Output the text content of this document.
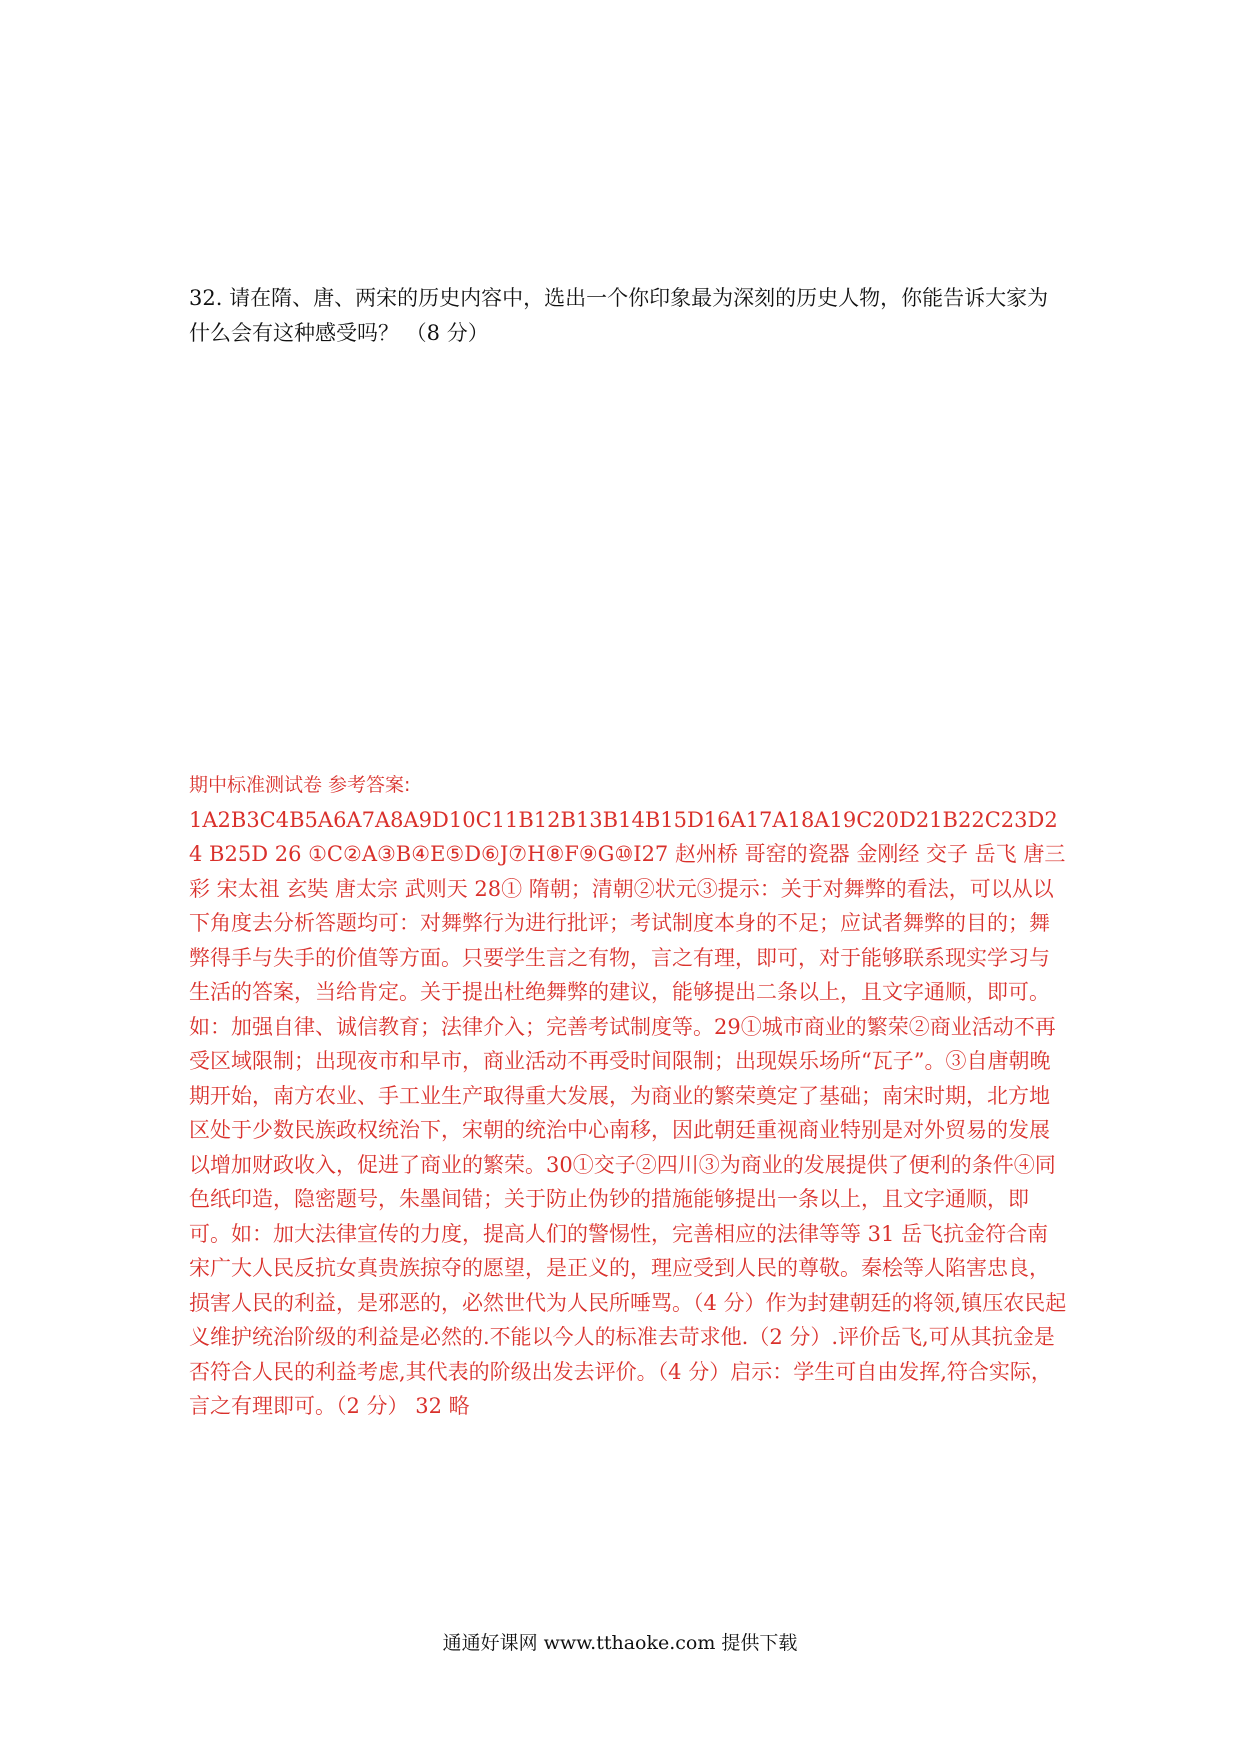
32. 请在隋、唐、两宋的历史内容中，选出一个你印象最为深刻的历史人物，你能告诉大家为什么会有这种感受吗？ （8 分）

期中标准测试卷 参考答案:
1A2B3C4B5A6A7A8A9D10C11B12B13B14B15D16A17A18A19C20D21B22C23D24 B25D 26 ①C②A③B④E⑤D⑥J⑦H⑧F⑨G⑩I27 赵州桥 哥窑的瓷器 金刚经 交子 岳飞 唐三彩 宋太祖 玄奘 唐太宗 武则天 28① 隋朝；清朝②状元③提示：关于对舞弊的看法，可以从以下角度去分析答题均可：对舞弊行为进行批评；考试制度本身的不足；应试者舞弊的目的；舞弊得手与失手的价值等方面。只要学生言之有物，言之有理，即可，对于能够联系现实学习与生活的答案，当给肯定。关于提出杜绝舞弊的建议，能够提出二条以上，且文字通顺，即可。如：加强自律、诚信教育；法律介入；完善考试制度等。29①城市商业的繁荣②商业活动不再受区域限制；出现夜市和早市，商业活动不再受时间限制；出现娱乐场所“瓦子”。③自唐朝晚期开始，南方农业、手工业生产取得重大发展，为商业的繁荣奠定了基础；南宋时期，北方地区处于少数民族政权统治下，宋朝的统治中心南移，因此朝廷重视商业特别是对外贸易的发展以增加财政收入，促进了商业的繁荣。30①交子②四川③为商业的发展提供了便利的条件④同色纸印造，隐密题号，朱墨间错；关于防止伪钞的措施能够提出一条以上，且文字通顺，即可。如：加大法律宣传的力度，提高人们的警惕性，完善相应的法律等等 31 岳飞抗金符合南宋广大人民反抗女真贵族掠夺的愿望，是正义的，理应受到人民的尊敬。秦桧等人陷害忠良，损害人民的利益，是邪恶的，必然世代为人民所唾骂。（4 分）作为封建朝廷的将领,镇压农民起义维护统治阶级的利益是必然的.不能以今人的标准去苛求他.（2 分）.评价岳飞,可从其抗金是否符合人民的利益考虑,其代表的阶级出发去评价。（4 分）启示：学生可自由发挥,符合实际，言之有理即可。（2 分） 32 略

通通好课网 www.tthaoke.com 提供下载
